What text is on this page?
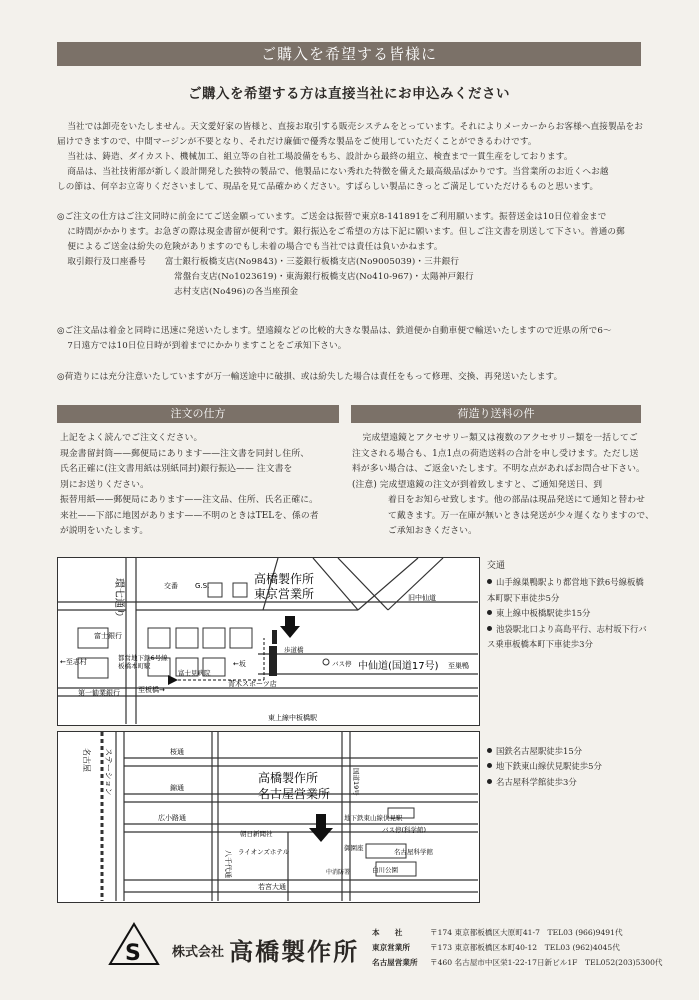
ご購入を希望する皆様に
ご購入を希望する方は直接当社にお申込みください
当社では卸売をいたしません。天文愛好家の皆様と、直接お取引する販売システムをとっています。それによりメーカーからお客様へ直接製品をお
届けできますので、中間マージンが不要となり、それだけ廉価で優秀な製品をご使用していただくことができるわけです。
当社は、鋳造、ダイカスト、機械加工、組立等の自社工場設備をもち、設計から最終の組立、検査まで一貫生産をしております。
商品は、当社技術部が新しく設計開発した独特の製品で、他製品にない秀れた特徴を備えた最高級品ばかりです。当営業所のお近くへお越
しの節は、何卒お立寄りくださいまして、現品を見て品確かめください。すばらしい製品にきっとご満足していただけるものと思います。
◎ご注文の仕方はご注文同時に前金にてご送金願っています。ご送金は振替で東京8-141891をご利用願います。振替送金は10日位着金まで
に時間がかかります。お急ぎの際は現金書留が便利です。銀行振込をご希望の方は下記に願います。但しご注文書を別送して下さい。普通の郵
便によるご送金は紛失の危険がありますのでもし未着の場合でも当社では責任は負いかねます。
取引銀行及口座番号 富士銀行板橋支店(No9843)・三菱銀行板橋支店(No9005039)・三井銀行
常盤台支店(No1023619)・東海銀行板橋支店(No410-967)・太陽神戸銀行
志村支店(No496)の各当座預金
◎ご注文品は着金と同時に迅速に発送いたします。望遠鏡などの比較的大きな製品は、鉄道便か自動車便で輸送いたしますので近県の所で6〜
7日遠方では10日位日時が到着までにかかりますことをご承知下さい。
◎荷造りには充分注意いたしていますが万一輸送途中に破損、或は紛失した場合は責任をもって修理、交換、再発送いたします。
注文の仕方	荷造り送料の件
上記をよく読んでご注文ください。
現金書留封筒——郵便局にあります——注文書を同封し住所、
氏名正確に(注文書用紙は別紙同封)銀行振込—— 注文書を
別にお送りください。
振替用紙——郵便局にあります——注文品、住所、氏名正確に。
来社——下部に地図があります——不明のときはTELを、係の者
が説明をいたします。
完成望遠鏡とアクセサリー類又は複数のアクセサリー類を一括してご
注文される場合も、1点1点の荷造送料の合計を申し受けます。ただし送
料が多い場合は、ご返金いたします。不明な点があればお問合せ下さい。
(注意) 完成望遠鏡の注文が到着致しますと、ご通知発送日、到
着日をお知らせ致します。他の部品は現品発送にて通知と替わせ
て戴きます。万一在庫が無いときは発送が少々遅くなりますので、
ご承知おきください。
環七通り	交番 G.S.	高橋製作所
東京営業所	旧中仙道
富士銀行
←至志村	都営地下鉄6号線
板橋本町駅	←坂
至板橋→
富士見病院
青木スポーツ店
第一勧業銀行
歩道橋
バス停 中仙道(国道17号) 至巣鴨
東上線中板橋駅
交通
山手線巣鴨駅より都営地下鉄6号線板橋本町駅下車徒歩5分
東上線中板橋駅徒歩15分
池袋駅北口より高島平行、志村坂下行バス乗車板橋本町下車徒歩3分
ステーション
名古屋	桜通
国道19号
錦通
高橋製作所
名古屋営業所
広小路通
朝日新聞社
地下鉄東山線伏見駅
バス停(科学館)
ライオンズホテル	御園座	名古屋科学館
白川公園
中消防署
八千代通
若宮大通
国鉄名古屋駅徒歩15分
地下鉄東山線伏見駅徒歩5分
名古屋科学館徒歩3分
S $^{株式会社}$ 高橋製作所
本　　社	〒174 東京都板橋区大原町41-7　TEL03 (966)9491代
東京営業所	〒173 東京都板橋区本町40-12　TEL03 (962)4045代
名古屋営業所 〒460 名古屋市中区栄1-22-17日新ビル1F　TEL052(203)5300代
